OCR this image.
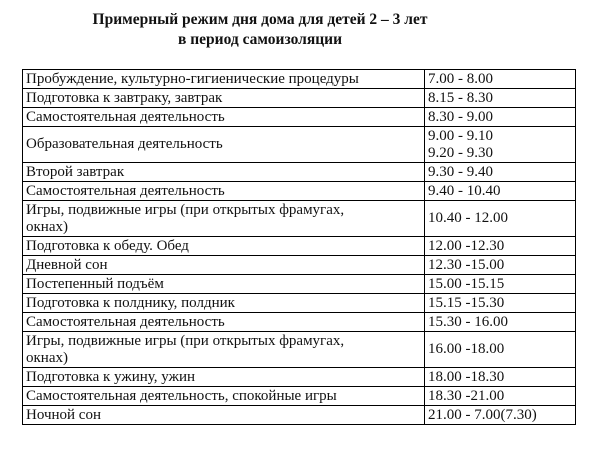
Примерный режим дня дома для детей 2 – 3 лет
в период самоизоляции
Пробуждение, культурно-гигиенические процедуры	7.00 - 8.00
Подготовка к завтраку, завтрак	8.15 - 8.30
Самостоятельная деятельность	8.30 - 9.00
Образовательная деятельность	9.00 - 9.10
9.20 - 9.30

Второй завтрак	9.30 - 9.40
Самостоятельная деятельность	9.40 - 10.40

Игры, подвижные игры (при открытых фрамугах,
окнах)	10.40 - 12.00
Подготовка к обеду. Обед	12.00 -12.30
Дневной сон	12.30 -15.00
Постепенный подъём	15.00 -15.15
Подготовка к полднику, полдник	15.15 -15.30
Самостоятельная деятельность	15.30 - 16.00

Игры, подвижные игры (при открытых фрамугах,
окнах)	16.00 -18.00
Подготовка к ужину, ужин	18.00 -18.30
Самостоятельная деятельность, спокойные игры	18.30 -21.00
Ночной сон	21.00 - 7.00(7.30)
